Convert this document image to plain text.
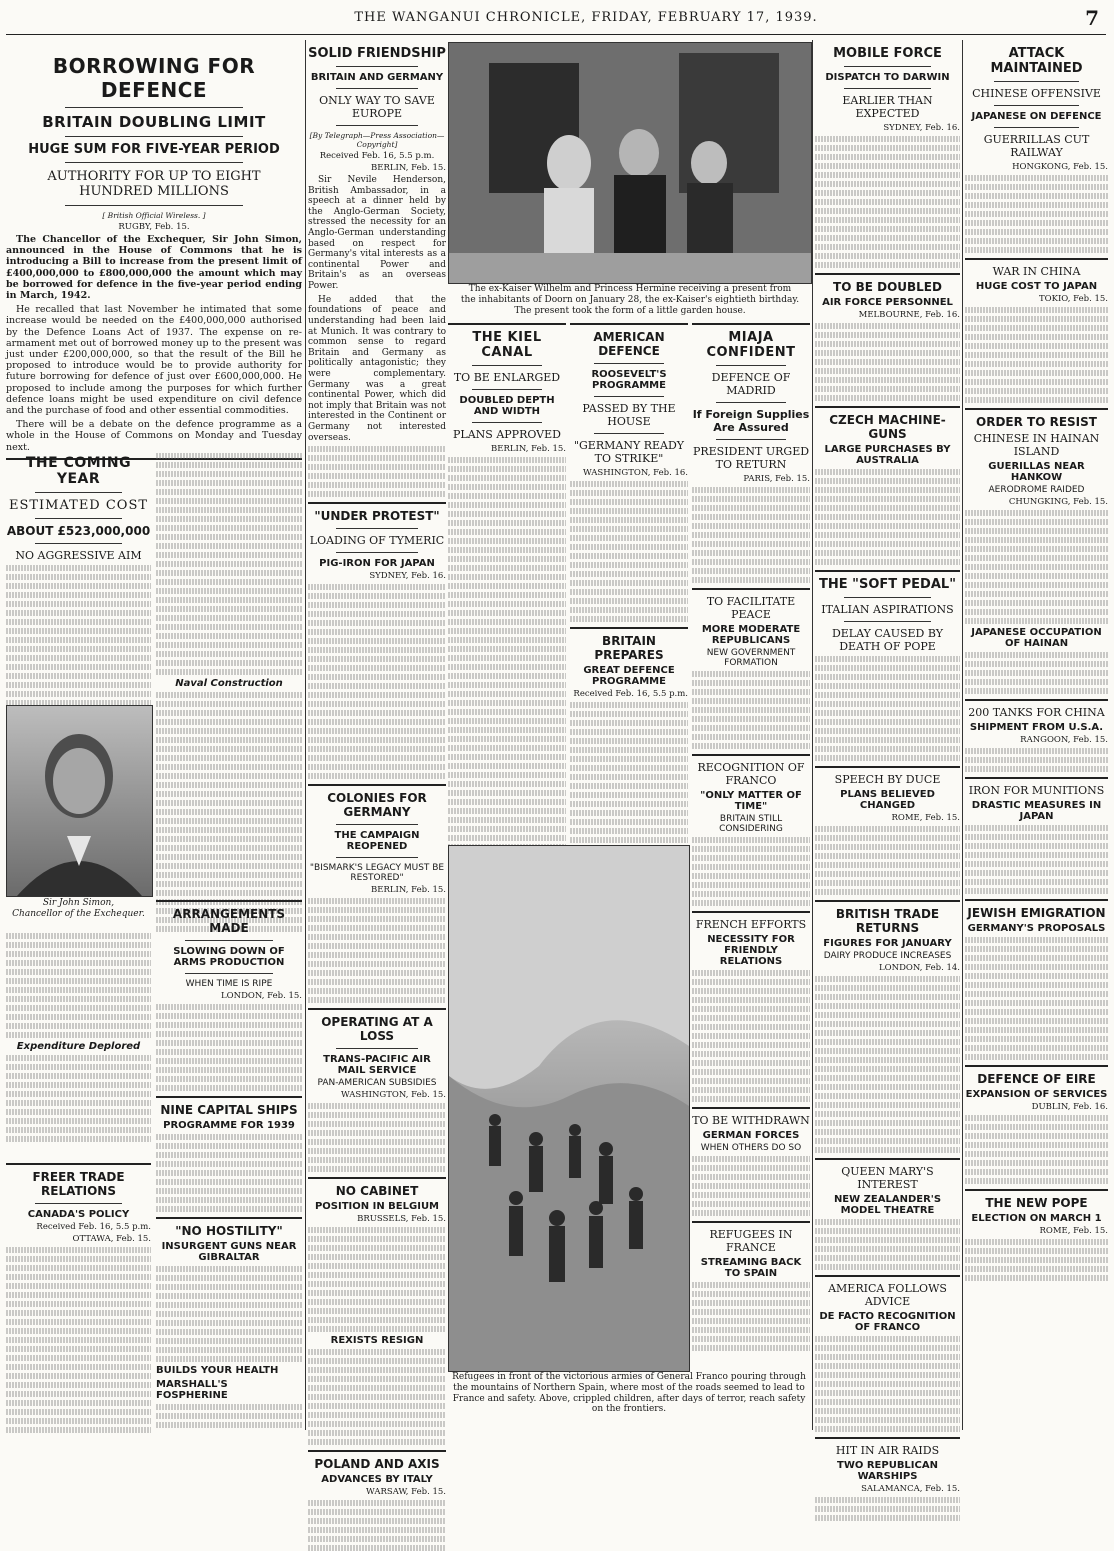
THE WANGANUI CHRONICLE, FRIDAY, FEBRUARY 17, 1939.	7
BORROWING FOR DEFENCE
BRITAIN DOUBLING LIMIT
HUGE SUM FOR FIVE-YEAR PERIOD
AUTHORITY FOR UP TO EIGHT HUNDRED MILLIONS
[ British Official Wireless. ]
RUGBY, Feb. 15.

The Chancellor of the Exchequer, Sir John Simon, announced in the House of Commons that he is introducing a Bill to increase from the present limit of £400,000,000 to £800,000,000 the amount which may be borrowed for defence in the five-year period ending in March, 1942.

He recalled that last November he intimated that some increase would be needed on the £400,000,000 authorised by the Defence Loans Act of 1937. The expense on re-armament met out of borrowed money up to the present was just under £200,000,000, so that the result of the Bill he proposed to introduce would be to provide authority for future borrowing for defence of just over £600,000,000. He proposed to include among the purposes for which further defence loans might be used expenditure on civil defence and the purchase of food and other essential commodities.

There will be a debate on the defence programme as a whole in the House of Commons on Monday and Tuesday next.

THE COMING YEAR
ESTIMATED COST
ABOUT £523,000,000
NO AGGRESSIVE AIM
Naval Construction
Sir John Simon,
Chancellor of the Exchequer.
Expenditure Deplored
FREER TRADE RELATIONS
CANADA'S POLICY
Received Feb. 16, 5.5 p.m.
OTTAWA, Feb. 15.
ARRANGEMENTS MADE
SLOWING DOWN OF ARMS PRODUCTION
WHEN TIME IS RIPE
LONDON, Feb. 15.
NINE CAPITAL SHIPS
PROGRAMME FOR 1939
"NO HOSTILITY"
INSURGENT GUNS NEAR GIBRALTAR
BUILDS YOUR HEALTH
MARSHALL'S FOSPHERINE
SOLID FRIENDSHIP
BRITAIN AND GERMANY
ONLY WAY TO SAVE EUROPE
[By Telegraph—Press Association—Copyright]
Received Feb. 16, 5.5 p.m.
BERLIN, Feb. 15.

Sir Nevile Henderson, British Ambassador, in a speech at a dinner held by the Anglo-German Society, stressed the necessity for an Anglo-German understanding based on respect for Germany's vital interests as a continental Power and Britain's as an overseas Power.

He added that the foundations of peace and understanding had been laid at Munich. It was contrary to common sense to regard Britain and Germany as politically antagonistic; they were complementary. Germany was a great continental Power, which did not imply that Britain was not interested in the Continent or Germany not interested overseas.

"UNDER PROTEST"
LOADING OF TYMERIC
PIG-IRON FOR JAPAN
SYDNEY, Feb. 16.
COLONIES FOR GERMANY
THE CAMPAIGN REOPENED
"BISMARK'S LEGACY MUST BE RESTORED"
BERLIN, Feb. 15.
OPERATING AT A LOSS
TRANS-PACIFIC AIR MAIL SERVICE
PAN-AMERICAN SUBSIDIES
WASHINGTON, Feb. 15.
NO CABINET
POSITION IN BELGIUM
BRUSSELS, Feb. 15.
REXISTS RESIGN
POLAND AND AXIS
ADVANCES BY ITALY
WARSAW, Feb. 15.
The ex-Kaiser Wilhelm and Princess Hermine receiving a present from the inhabitants of Doorn on January 28, the ex-Kaiser's eightieth birthday. The present took the form of a little garden house.
THE KIEL CANAL
TO BE ENLARGED
DOUBLED DEPTH AND WIDTH
PLANS APPROVED
BERLIN, Feb. 15.
AMERICAN DEFENCE
ROOSEVELT'S PROGRAMME
PASSED BY THE HOUSE
"GERMANY READY TO STRIKE"
WASHINGTON, Feb. 16.
BRITAIN PREPARES
GREAT DEFENCE PROGRAMME
Received Feb. 16, 5.5 p.m.
MIAJA CONFIDENT
DEFENCE OF MADRID
If Foreign Supplies Are Assured
PRESIDENT URGED TO RETURN
PARIS, Feb. 15.
TO FACILITATE PEACE
MORE MODERATE REPUBLICANS
NEW GOVERNMENT FORMATION
RECOGNITION OF FRANCO
"ONLY MATTER OF TIME"
BRITAIN STILL CONSIDERING
FRENCH EFFORTS
NECESSITY FOR FRIENDLY RELATIONS
TO BE WITHDRAWN
GERMAN FORCES
WHEN OTHERS DO SO
REFUGEES IN FRANCE
STREAMING BACK TO SPAIN
Refugees in front of the victorious armies of General Franco pouring through the mountains of Northern Spain, where most of the roads seemed to lead to France and safety. Above, crippled children, after days of terror, reach safety on the frontiers.
MOBILE FORCE
DISPATCH TO DARWIN
EARLIER THAN EXPECTED
SYDNEY, Feb. 16.
TO BE DOUBLED
AIR FORCE PERSONNEL
MELBOURNE, Feb. 16.
CZECH MACHINE-GUNS
LARGE PURCHASES BY AUSTRALIA
THE "SOFT PEDAL"
ITALIAN ASPIRATIONS
DELAY CAUSED BY DEATH OF POPE
SPEECH BY DUCE
PLANS BELIEVED CHANGED
ROME, Feb. 15.
BRITISH TRADE RETURNS
FIGURES FOR JANUARY
DAIRY PRODUCE INCREASES
LONDON, Feb. 14.
QUEEN MARY'S INTEREST
NEW ZEALANDER'S MODEL THEATRE
AMERICA FOLLOWS ADVICE
DE FACTO RECOGNITION OF FRANCO
HIT IN AIR RAIDS
TWO REPUBLICAN WARSHIPS
SALAMANCA, Feb. 15.
ATTACK MAINTAINED
CHINESE OFFENSIVE
JAPANESE ON DEFENCE
GUERRILLAS CUT RAILWAY
HONGKONG, Feb. 15.
WAR IN CHINA
HUGE COST TO JAPAN
TOKIO, Feb. 15.
ORDER TO RESIST
CHINESE IN HAINAN ISLAND
GUERILLAS NEAR HANKOW
AERODROME RAIDED
CHUNGKING, Feb. 15.
JAPANESE OCCUPATION OF HAINAN
200 TANKS FOR CHINA
SHIPMENT FROM U.S.A.
RANGOON, Feb. 15.
IRON FOR MUNITIONS
DRASTIC MEASURES IN JAPAN
JEWISH EMIGRATION
GERMANY'S PROPOSALS
DEFENCE OF EIRE
EXPANSION OF SERVICES
DUBLIN, Feb. 16.
THE NEW POPE
ELECTION ON MARCH 1
ROME, Feb. 15.
